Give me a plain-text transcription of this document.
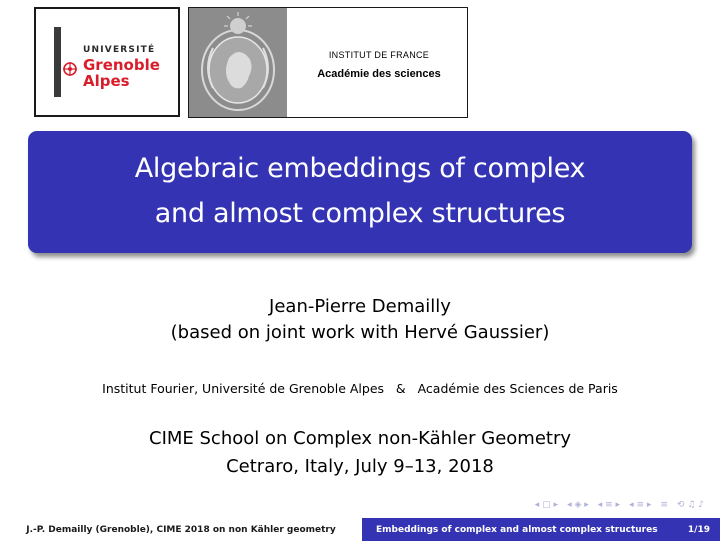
UNIVERSITÉ
Grenoble
Alpes
INSTITUT DE FRANCE
Académie des sciences
Algebraic embeddings of complex
and almost complex structures
Jean-Pierre Demailly
(based on joint work with Hervé Gaussier)
Institut Fourier, Université de Grenoble Alpes   &   Académie des Sciences de Paris
CIME School on Complex non-Kähler Geometry
Cetraro, Italy, July 9–13, 2018
◂ ▢ ▸ ◂ ◈ ▸ ◂ ≡ ▸ ◂ ≡ ▸ ≡ ⟲ ♫ ♪
J.-P. Demailly (Grenoble), CIME 2018 on non Kähler geometry	Embeddings of complex and almost complex structures	1/19
